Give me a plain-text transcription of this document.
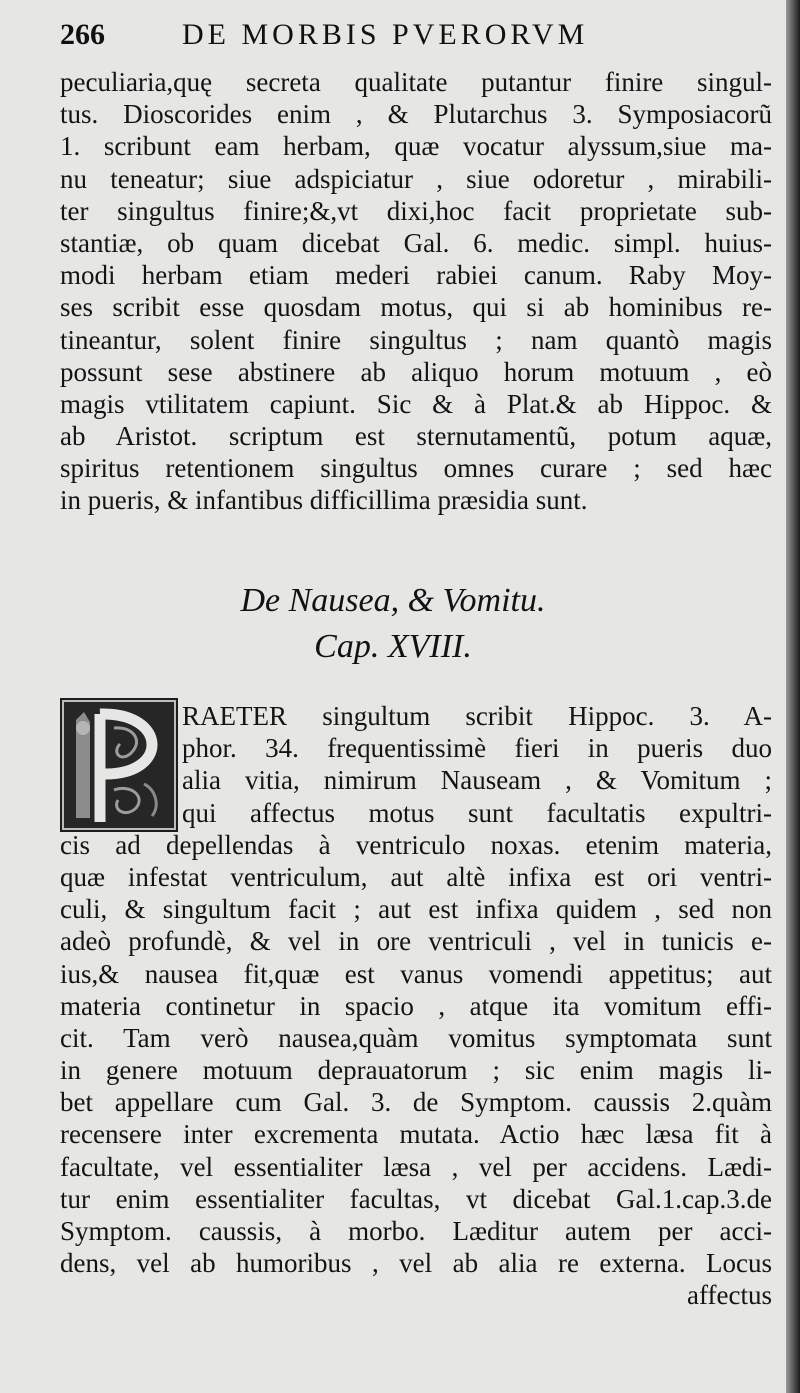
266	DE MORBIS PVERORVM
peculiaria,quę secreta qualitate putantur finire singul-
tus. Dioscorides enim , & Plutarchus 3. Symposiacorũ
1. scribunt eam herbam, quæ vocatur alyssum,siue ma-
nu teneatur; siue adspiciatur , siue odoretur , mirabili-
ter singultus finire;&,vt dixi,hoc facit proprietate sub-
stantiæ, ob quam dicebat Gal. 6. medic. simpl. huius-
modi herbam etiam mederi rabiei canum. Raby Moy-
ses scribit esse quosdam motus, qui si ab hominibus re-
tineantur, solent finire singultus ; nam quantò magis
possunt sese abstinere ab aliquo horum motuum , eò
magis vtilitatem capiunt. Sic & à Plat.& ab Hippoc. &
ab Aristot. scriptum est sternutamentũ, potum aquæ,
spiritus retentionem singultus omnes curare ; sed hæc
in pueris, & infantibus difficillima præsidia sunt.
De Nausea, & Vomitu.
Cap. XVIII.
RAETER singultum scribit Hippoc. 3. A-
phor. 34. frequentissimè fieri in pueris duo
alia vitia, nimirum Nauseam , & Vomitum ;
qui affectus motus sunt facultatis expultri-
cis ad depellendas à ventriculo noxas. etenim materia,
quæ infestat ventriculum, aut altè infixa est ori ventri-
culi, & singultum facit ; aut est infixa quidem , sed non
adeò profundè, & vel in ore ventriculi , vel in tunicis e-
ius,& nausea fit,quæ est vanus vomendi appetitus; aut
materia continetur in spacio , atque ita vomitum effi-
cit. Tam verò nausea,quàm vomitus symptomata sunt
in genere motuum deprauatorum ; sic enim magis li-
bet appellare cum Gal. 3. de Symptom. caussis 2.quàm
recensere inter excrementa mutata. Actio hæc læsa fit à
facultate, vel essentialiter læsa , vel per accidens. Lædi-
tur enim essentialiter facultas, vt dicebat Gal.1.cap.3.de
Symptom. caussis, à morbo. Læditur autem per acci-
dens, vel ab humoribus , vel ab alia re externa. Locus
affectus
